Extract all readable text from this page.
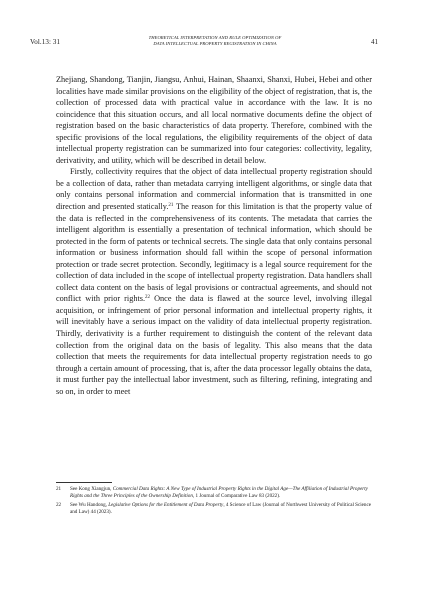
Vol.13: 31
THEORETICAL INTERPRETATION AND RULE OPTIMIZATION OF
DATA INTELLECTUAL PROPERTY REGISTRATION IN CHINA	41

Zhejiang, Shandong, Tianjin, Jiangsu, Anhui, Hainan, Shaanxi, Shanxi, Hubei, Hebei and other localities have made similar provisions on the eligibility of the object of registration, that is, the collection of processed data with practical value in accordance with the law. It is no coincidence that this situation occurs, and all local normative documents define the object of registration based on the basic characteristics of data property. Therefore, combined with the specific provisions of the local regulations, the eligibility requirements of the object of data intellectual property registration can be summarized into four categories: collectivity, legality, derivativity, and utility, which will be described in detail below.

Firstly, collectivity requires that the object of data intellectual property registration should be a collection of data, rather than metadata carrying intelligent algorithms, or single data that only contains personal information and commercial information that is transmitted in one direction and presented statically.$^{21}$ The reason for this limitation is that the property value of the data is reflected in the comprehensiveness of its contents. The metadata that carries the intelligent algorithm is essentially a presentation of technical information, which should be protected in the form of patents or technical secrets. The single data that only contains personal information or business information should fall within the scope of personal information protection or trade secret protection. Secondly, legitimacy is a legal source requirement for the collection of data included in the scope of intellectual property registration. Data handlers shall collect data content on the basis of legal provisions or contractual agreements, and should not conflict with prior rights.$^{22}$ Once the data is flawed at the source level, involving illegal acquisition, or infringement of prior personal information and intellectual property rights, it will inevitably have a serious impact on the validity of data intellectual property registration. Thirdly, derivativity is a further requirement to distinguish the content of the relevant data collection from the original data on the basis of legality. This also means that the data collection that meets the requirements for data intellectual property registration needs to go through a certain amount of processing, that is, after the data processor legally obtains the data, it must further pay the intellectual labor investment, such as filtering, refining, integrating and so on, in order to meet

21	See Kong Xiangjun, Commercial Data Rights: A New Type of Industrial Property Rights in the Digital Age—The Affiliation of Industrial Property Rights and the Three Principles of the Ownership Definition, 1 Journal of Comparative Law 83 (2022).
22	See Wu Handong, Legislative Options for the Entitlement of Data Property, 4 Science of Law (Journal of Northwest University of Political Science and Law) 44 (2023).
